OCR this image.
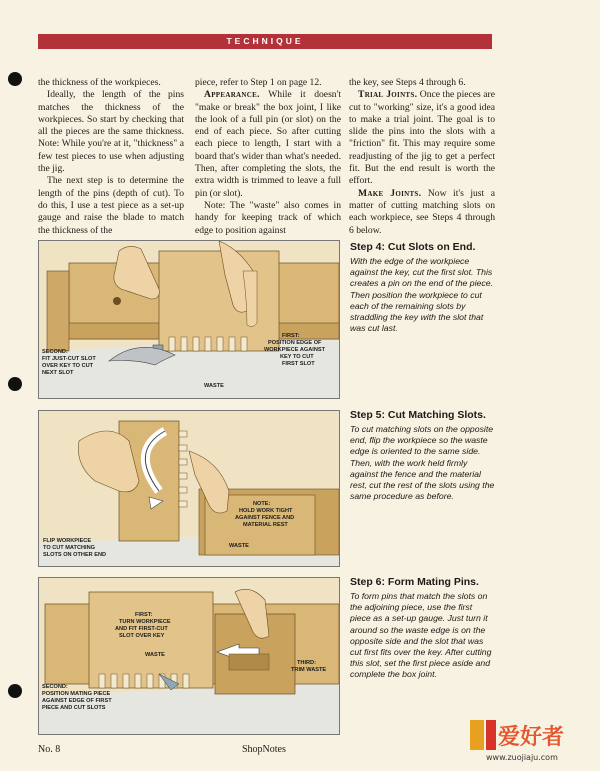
TECHNIQUE

the thickness of the workpieces.

Ideally, the length of the pins matches the thickness of the workpieces. So start by checking that all the pieces are the same thickness. Note: While you're at it, "thickness" a few test pieces to use when adjusting the jig.

The next step is to determine the length of the pins (depth of cut). To do this, I use a test piece as a set-up gauge and raise the blade to match the thickness of the

piece, refer to Step 1 on page 12.

Appearance. While it doesn't "make or break" the box joint, I like the look of a full pin (or slot) on the end of each piece. So after cutting each piece to length, I start with a board that's wider than what's needed. Then, after completing the slots, the extra width is trimmed to leave a full pin (or slot).

Note: The "waste" also comes in handy for keeping track of which edge to position against

the key, see Steps 4 through 6.

Trial Joints. Once the pieces are cut to "working" size, it's a good idea to make a trial joint. The goal is to slide the pins into the slots with a "friction" fit. This may require some readjusting of the jig to get a perfect fit. But the end result is worth the effort.

Make Joints. Now it's just a matter of cutting matching slots on each workpiece, see Steps 4 through 6 below.

FIRST:
POSITION EDGE OF
WORKPIECE AGAINST
KEY TO CUT
FIRST SLOT
SECOND:
FIT JUST-CUT SLOT
OVER KEY TO CUT
NEXT SLOT
WASTE
NOTE:
HOLD WORK TIGHT
AGAINST FENCE AND
MATERIAL REST
FLIP WORKPIECE
TO CUT MATCHING
SLOTS ON OTHER END
WASTE
FIRST:
TURN WORKPIECE
AND FIT FIRST-CUT
SLOT OVER KEY
WASTE
THIRD:
TRIM WASTE
SECOND:
POSITION MATING PIECE
AGAINST EDGE OF FIRST
PIECE AND CUT SLOTS

Step 4: Cut Slots on End.

With the edge of the workpiece against the key, cut the first slot. This creates a pin on the end of the piece. Then position the workpiece to cut each of the remaining slots by straddling the key with the slot that was cut last.

Step 5: Cut Matching Slots.

To cut matching slots on the opposite end, flip the workpiece so the waste edge is oriented to the same side. Then, with the work held firmly against the fence and the material rest, cut the rest of the slots using the same procedure as before.

Step 6: Form Mating Pins.

To form pins that match the slots on the adjoining piece, use the first piece as a set-up gauge. Just turn it around so the waste edge is on the opposite side and the slot that was cut first fits over the key. After cutting this slot, set the first piece aside and complete the box joint.

No. 8	ShopNotes	爱好者
www.zuojiaju.com
